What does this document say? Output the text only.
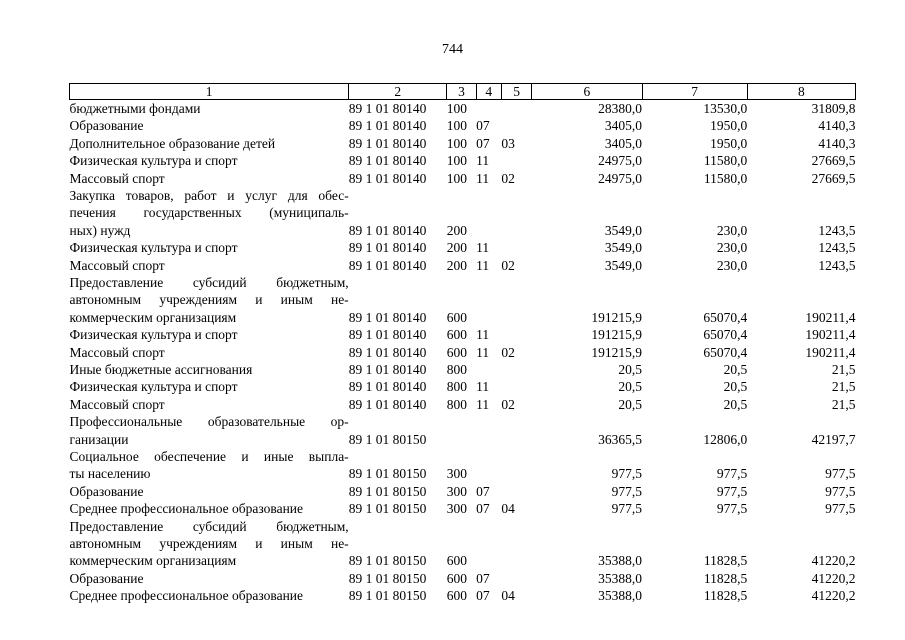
744
1	2	3	4	5	6	7	8

бюджетными фондами	89 1 01 80140	100			28380,0	13530,0	31809,8

Образование	89 1 01 80140	100	07		3405,0	1950,0	4140,3

Дополнительное образование детей	89 1 01 80140	100	07	03	3405,0	1950,0	4140,3

Физическая культура и спорт	89 1 01 80140	100	11		24975,0	11580,0	27669,5

Массовый спорт	89 1 01 80140	100	11	02	24975,0	11580,0	27669,5

Закупка товаров, работ и услуг для обес-
печения государственных (муниципаль-
ных) нужд	89 1 01 80140	200			3549,0	230,0	1243,5

Физическая культура и спорт	89 1 01 80140	200	11		3549,0	230,0	1243,5

Массовый спорт	89 1 01 80140	200	11	02	3549,0	230,0	1243,5

Предоставление субсидий бюджетным,
автономным учреждениям и иным не-
коммерческим организациям	89 1 01 80140	600			191215,9	65070,4	190211,4

Физическая культура и спорт	89 1 01 80140	600	11		191215,9	65070,4	190211,4

Массовый спорт	89 1 01 80140	600	11	02	191215,9	65070,4	190211,4

Иные бюджетные ассигнования	89 1 01 80140	800			20,5	20,5	21,5

Физическая культура и спорт	89 1 01 80140	800	11		20,5	20,5	21,5

Массовый спорт	89 1 01 80140	800	11	02	20,5	20,5	21,5

Профессиональные образовательные ор-
ганизации	89 1 01 80150				36365,5	12806,0	42197,7

Социальное обеспечение и иные выпла-
ты населению	89 1 01 80150	300			977,5	977,5	977,5

Образование	89 1 01 80150	300	07		977,5	977,5	977,5

Среднее профессиональное образование	89 1 01 80150	300	07	04	977,5	977,5	977,5

Предоставление субсидий бюджетным,
автономным учреждениям и иным не-
коммерческим организациям	89 1 01 80150	600			35388,0	11828,5	41220,2

Образование	89 1 01 80150	600	07		35388,0	11828,5	41220,2

Среднее профессиональное образование	89 1 01 80150	600	07	04	35388,0	11828,5	41220,2
